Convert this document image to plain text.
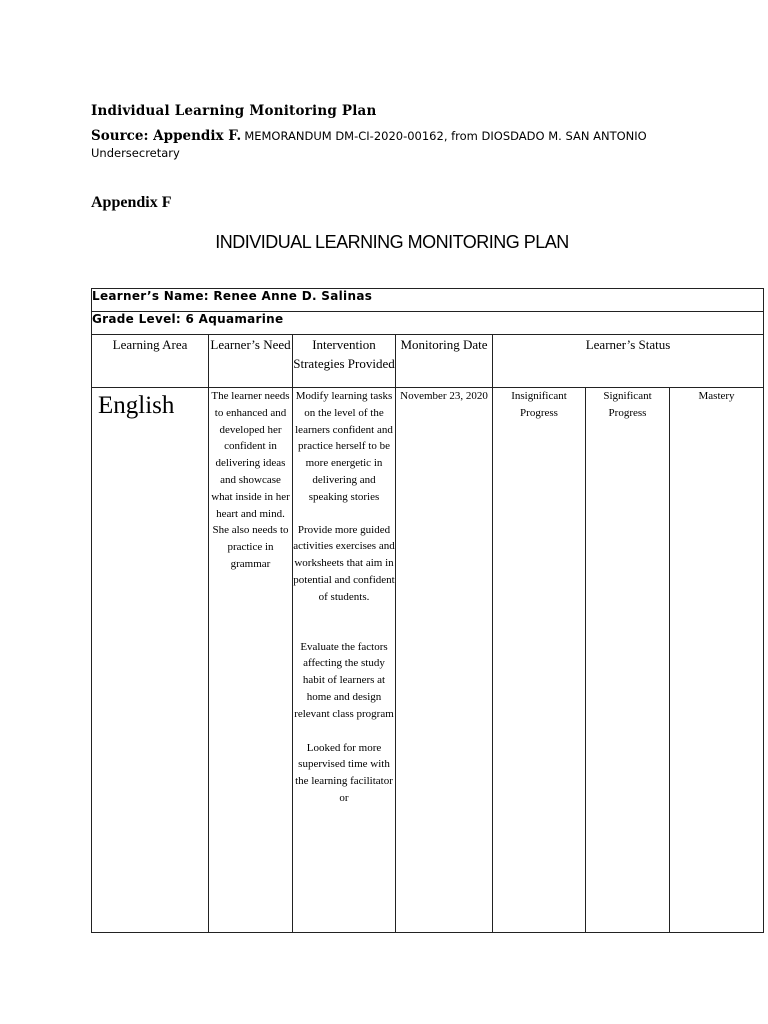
Individual Learning Monitoring Plan
Source: Appendix F. MEMORANDUM DM-CI-2020-00162, from DIOSDADO M. SAN ANTONIO
Undersecretary
Appendix F
INDIVIDUAL LEARNING MONITORING PLAN
Learner’s Name: Renee Anne D. Salinas						
Grade Level: 6 Aquamarine						
Learning Area	Learner’s Need	Intervention Strategies Provided	Monitoring Date	Learner’s Status		
English	The learner needs to enhanced and developed her confident in delivering ideas and showcase what inside in her heart and mind. She also needs to practice in grammar	Modify learning tasks on the level of the learners confident and practice herself to be more energetic in delivering and speaking stories
Provide more guided activities exercises and worksheets that aim in potential and confident of students.
Evaluate the factors affecting the study habit of learners at home and design relevant class program
Looked for more supervised time with the learning facilitator or	November 23, 2020	Insignificant Progress	Significant Progress	Mastery
